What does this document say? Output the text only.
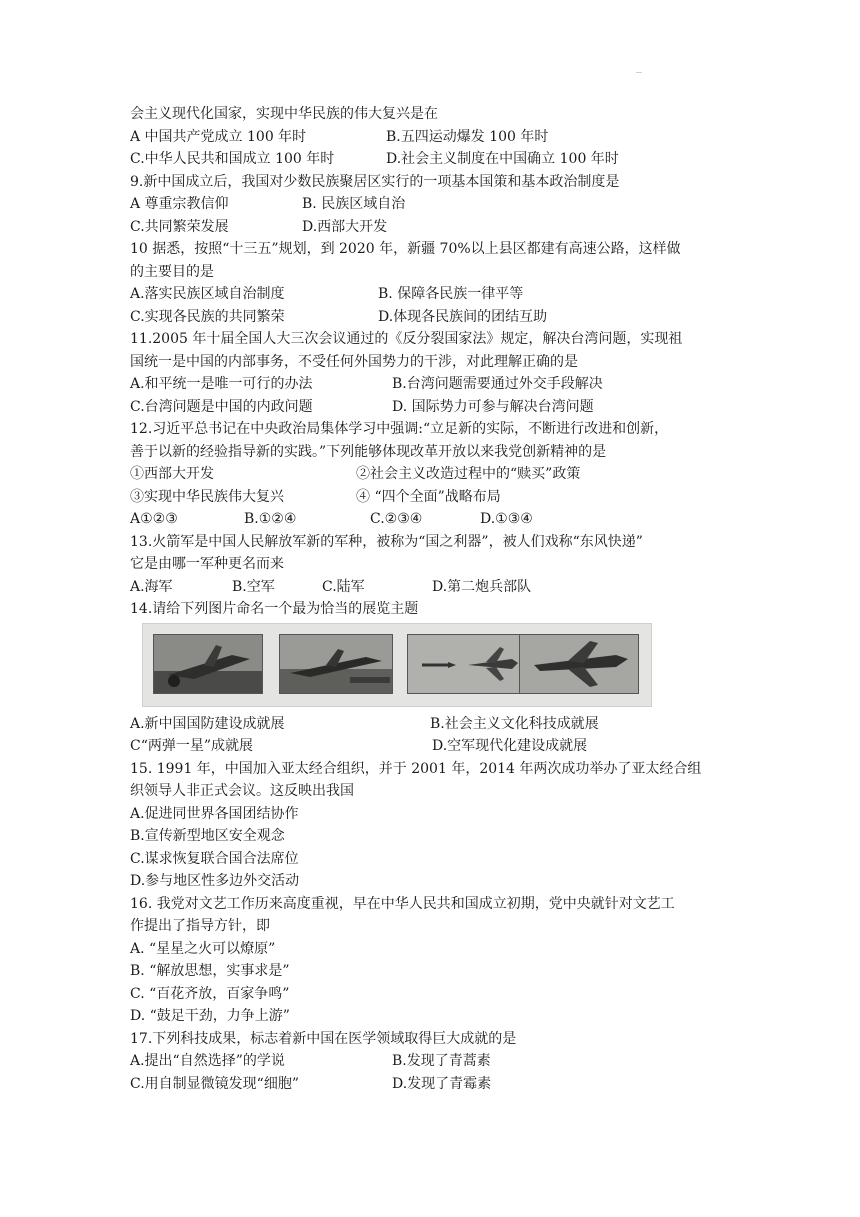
会主义现代化国家，实现中华民族的伟大复兴是在
A 中国共产党成立 100 年时	B.五四运动爆发 100 年时
C.中华人民共和国成立 100 年时	D.社会主义制度在中国确立 100 年时
9.新中国成立后，我国对少数民族聚居区实行的一项基本国策和基本政治制度是
A 尊重宗教信仰	B. 民族区域自治
C.共同繁荣发展	D.西部大开发
10 据悉，按照“十三五”规划，到 2020 年，新疆 70%以上县区都建有高速公路，这样做
的主要目的是
A.落实民族区域自治制度	B. 保障各民族一律平等
C.实现各民族的共同繁荣	D.体现各民族间的团结互助
11.2005 年十届全国人大三次会议通过的《反分裂国家法》规定，解决台湾问题，实现祖
国统一是中国的内部事务，不受任何外国势力的干涉，对此理解正确的是
A.和平统一是唯一可行的办法	B.台湾问题需要通过外交手段解决
C.台湾问题是中国的内政问题	D. 国际势力可参与解决台湾问题
12.习近平总书记在中央政治局集体学习中强调:“立足新的实际，不断进行改进和创新，
善于以新的经验指导新的实践。”下列能够体现改革开放以来我党创新精神的是
①西部大开发	②社会主义改造过程中的“赎买”政策
③实现中华民族伟大复兴	④ “四个全面”战略布局
A①②③	B.①②④	C.②③④	D.①③④
13.火箭军是中国人民解放军新的军种，被称为“国之利器”，被人们戏称“东风快递”
它是由哪一军种更名而来
A.海军	B.空军	C.陆军	D.第二炮兵部队
14.请给下列图片命名一个最为恰当的展览主题
A.新中国国防建设成就展	B.社会主义文化科技成就展
C“两弹一星”成就展	D.空军现代化建设成就展
15. 1991 年，中国加入亚太经合组织，并于 2001 年，2014 年两次成功举办了亚太经合组
织领导人非正式会议。这反映出我国
A.促进同世界各国团结协作
B.宣传新型地区安全观念
C.谋求恢复联合国合法席位
D.参与地区性多边外交活动
16. 我党对文艺工作历来高度重视，早在中华人民共和国成立初期，党中央就针对文艺工
作提出了指导方针，即
A. “星星之火可以燎原”
B. “解放思想，实事求是”
C. “百花齐放，百家争鸣”
D. “鼓足干劲，力争上游”
17.下列科技成果，标志着新中国在医学领域取得巨大成就的是
A.提出“自然选择”的学说	B.发现了青蒿素
C.用自制显微镜发现“细胞”	D.发现了青霉素
